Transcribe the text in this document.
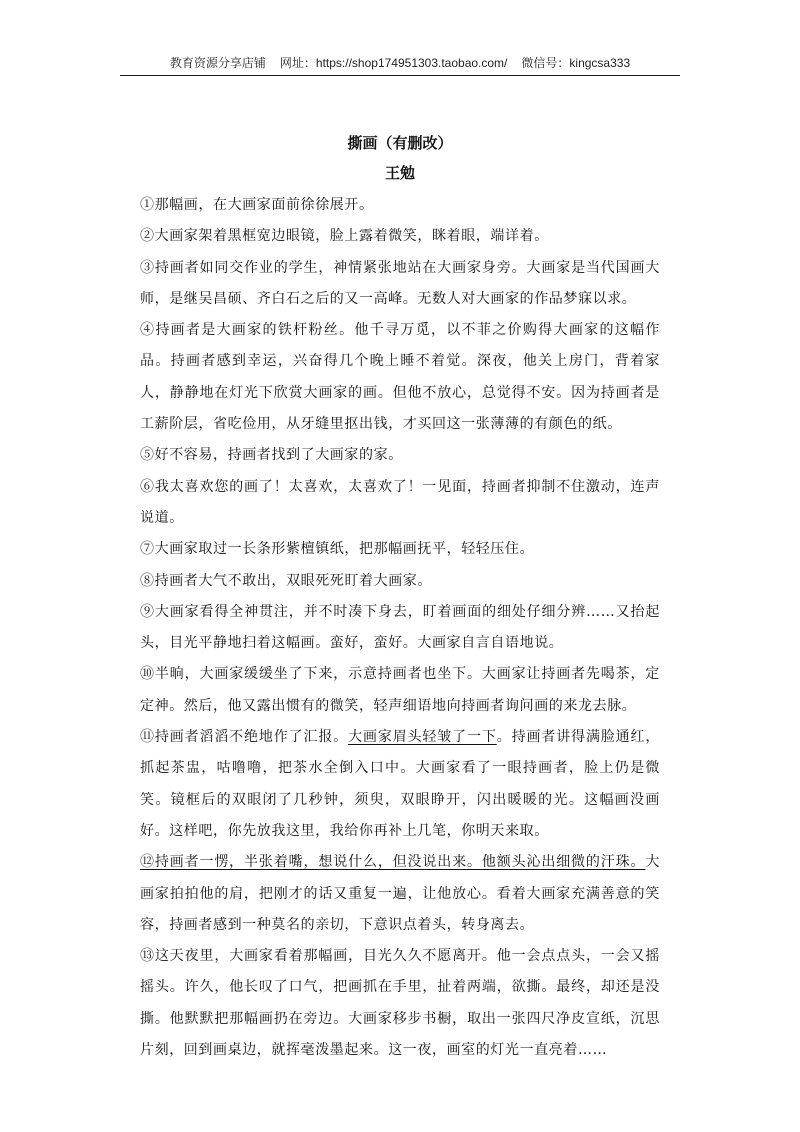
教育资源分享店铺 网址：https://shop174951303.taobao.com/ 微信号：kingcsa333

撕画（有删改）

王勉

①那幅画，在大画家面前徐徐展开。

②大画家架着黑框宽边眼镜，脸上露着微笑，眯着眼，端详着。

③持画者如同交作业的学生，神情紧张地站在大画家身旁。大画家是当代国画大师，是继吴昌硕、齐白石之后的又一高峰。无数人对大画家的作品梦寐以求。

④持画者是大画家的铁杆粉丝。他千寻万觅，以不菲之价购得大画家的这幅作品。持画者感到幸运，兴奋得几个晚上睡不着觉。深夜，他关上房门，背着家人，静静地在灯光下欣赏大画家的画。但他不放心，总觉得不安。因为持画者是工薪阶层，省吃俭用，从牙缝里抠出钱，才买回这一张薄薄的有颜色的纸。

⑤好不容易，持画者找到了大画家的家。

⑥我太喜欢您的画了！太喜欢，太喜欢了！一见面，持画者抑制不住激动，连声说道。

⑦大画家取过一长条形紫檀镇纸，把那幅画抚平，轻轻压住。

⑧持画者大气不敢出，双眼死死盯着大画家。

⑨大画家看得全神贯注，并不时凑下身去，盯着画面的细处仔细分辨……又抬起头，目光平静地扫着这幅画。蛮好，蛮好。大画家自言自语地说。

⑩半晌，大画家缓缓坐了下来，示意持画者也坐下。大画家让持画者先喝茶，定定神。然后，他又露出惯有的微笑，轻声细语地向持画者询问画的来龙去脉。

⑪持画者滔滔不绝地作了汇报。大画家眉头轻皱了一下。持画者讲得满脸通红，抓起茶盅，咕噜噜，把茶水全倒入口中。大画家看了一眼持画者，脸上仍是微笑。镜框后的双眼闭了几秒钟，须臾，双眼睁开，闪出暖暖的光。这幅画没画好。这样吧，你先放我这里，我给你再补上几笔，你明天来取。

⑫持画者一愣，半张着嘴，想说什么，但没说出来。他额头沁出细微的汗珠。大画家拍拍他的肩，把刚才的话又重复一遍，让他放心。看着大画家充满善意的笑容，持画者感到一种莫名的亲切，下意识点着头，转身离去。

⑬这天夜里，大画家看着那幅画，目光久久不愿离开。他一会点点头，一会又摇摇头。许久，他长叹了口气，把画抓在手里，扯着两端，欲撕。最终，却还是没撕。他默默把那幅画扔在旁边。大画家移步书橱，取出一张四尺净皮宣纸，沉思片刻，回到画桌边，就挥毫泼墨起来。这一夜，画室的灯光一直亮着……
